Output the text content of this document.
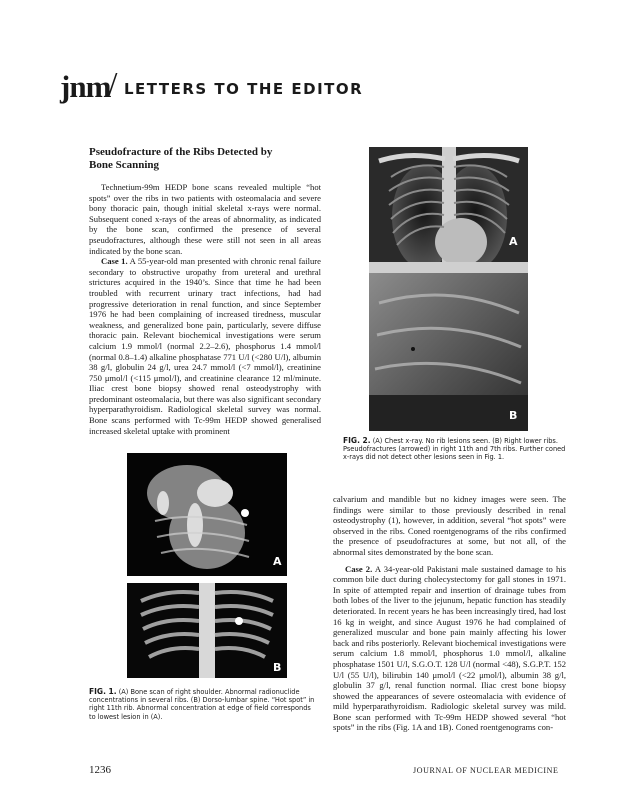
jnm
/ LETTERS TO THE EDITOR
Pseudofracture of the Ribs Detected by
Bone Scanning

Technetium-99m HEDP bone scans revealed multiple “hot spots” over the ribs in two patients with osteomalacia and severe bony thoracic pain, though initial skeletal x-rays were normal. Subsequent coned x-rays of the areas of abnormality, as indicated by the bone scan, confirmed the presence of several pseudofractures, although these were still not seen in all areas indicated by the bone scan.

Case 1. A 55-year-old man presented with chronic renal failure secondary to obstructive uropathy from ureteral and urethral strictures acquired in the 1940’s. Since that time he had been troubled with recurrent urinary tract infections, had had progressive deterioration in renal function, and since September 1976 he had been complaining of increased tiredness, muscular weakness, and generalized bone pain, particularly, severe diffuse thoracic pain. Relevant biochemical investigations were serum calcium 1.9 mmol/l (normal 2.2–2.6), phosphorus 1.4 mmol/l (normal 0.8–1.4) alkaline phosphatase 771 U/l (<280 U/l), albumin 38 g/l, globulin 24 g/l, urea 24.7 mmol/l (<7 mmol/l), creatinine 750 μmol/l (<115 μmol/l), and creatinine clearance 12 ml/minute. Iliac crest bone biopsy showed renal osteodystrophy with predominant osteomalacia, but there was also significant secondary hyperparathyroidism. Radiological skeletal survey was normal. Bone scans performed with Tc-99m HEDP showed generalised increased skeletal uptake with prominent

calvarium and mandible but no kidney images were seen. The findings were similar to those previously described in renal osteodystrophy (1), however, in addition, several “hot spots” were observed in the ribs. Coned roentgenograms of the ribs confirmed the presence of pseudofractures at some, but not all, of the abnormal sites demonstrated by the bone scan.

Case 2. A 34-year-old Pakistani male sustained damage to his common bile duct during cholecystectomy for gall stones in 1971. In spite of attempted repair and insertion of drainage tubes from both lobes of the liver to the jejunum, hepatic function has steadily deteriorated. In recent years he has been increasingly tired, had lost 16 kg in weight, and since August 1976 he had complained of generalized muscular and bone pain mainly affecting his lower back and ribs posteriorly. Relevant biochemical investigations were serum calcium 1.8 mmol/l, phosphorus 1.0 mmol/l, alkaline phosphatase 1501 U/l, S.G.O.T. 128 U/l (normal <48), S.G.P.T. 152 U/l (55 U/l), bilirubin 140 μmol/l (<22 μmol/l), albumin 38 g/l, globulin 37 g/l, renal function normal. Iliac crest bone biopsy showed the appearances of severe osteomalacia with evidence of mild hyperparathyroidism. Radiologic skeletal survey was mild. Bone scan performed with Tc-99m HEDP showed several “hot spots” in the ribs (Fig. 1A and 1B). Coned roentgenograms con-

A
B
FIG. 2. (A) Chest x-ray. No rib lesions seen. (B) Right lower ribs. Pseudofractures (arrowed) in right 11th and 7th ribs. Further coned x-rays did not detect other lesions seen in Fig. 1.
A
B
FIG. 1. (A) Bone scan of right shoulder. Abnormal radionuclide concentrations in several ribs. (B) Dorso-lumbar spine. “Hot spot” in right 11th rib. Abnormal concentration at edge of field corresponds to lowest lesion in (A).
1236	JOURNAL OF NUCLEAR MEDICINE
